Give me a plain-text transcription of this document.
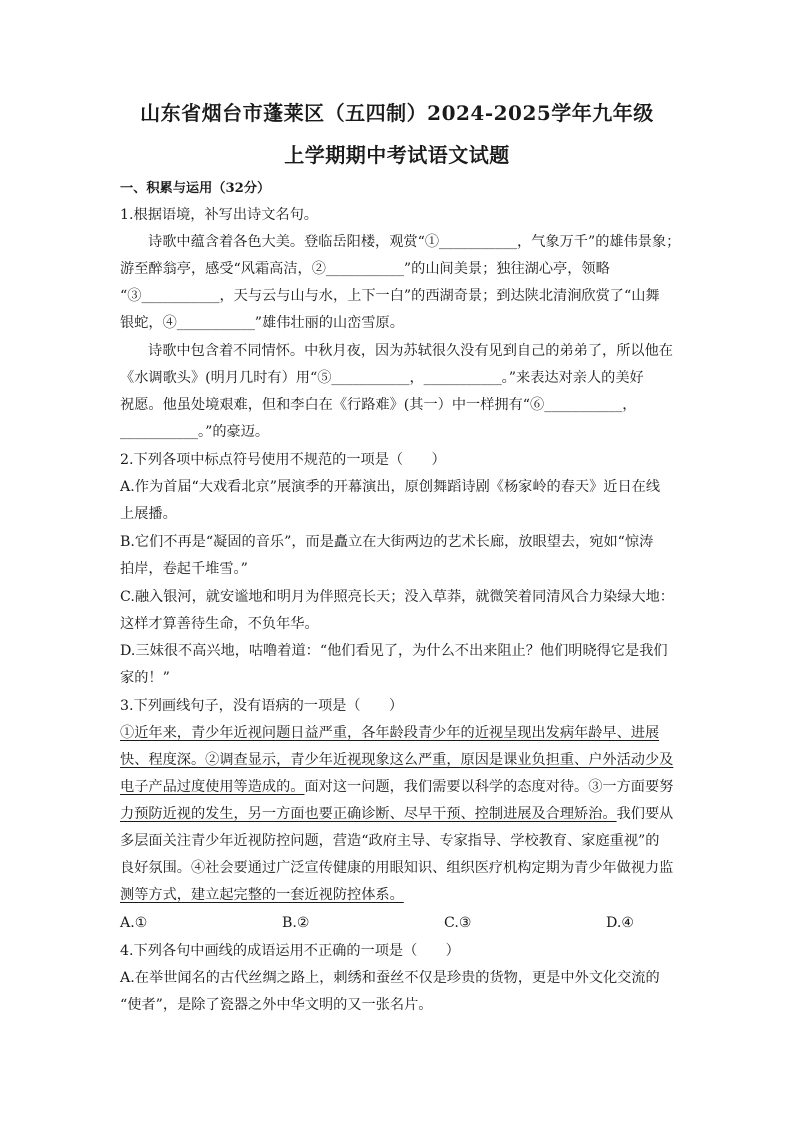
山东省烟台市蓬莱区（五四制）2024-2025学年九年级
上学期期中考试语文试题
一、积累与运用（32分）
1.根据语境，补写出诗文名句。
诗歌中蕴含着各色大美。登临岳阳楼，观赏“①___________，气象万千”的雄伟景象；
游至醉翁亭，感受“风霜高洁，②___________”的山间美景；独往湖心亭，领略
“③___________，天与云与山与水，上下一白”的西湖奇景；到达陕北清涧欣赏了“山舞
银蛇，④___________”雄伟壮丽的山峦雪原。
诗歌中包含着不同情怀。中秋月夜，因为苏轼很久没有见到自己的弟弟了，所以他在
《水调歌头》(明月几时有）用“⑤___________，___________。”来表达对亲人的美好
祝愿。他虽处境艰难，但和李白在《行路难》(其一）中一样拥有“⑥___________，
___________。”的豪迈。
2.下列各项中标点符号使用不规范的一项是（　　）
A.作为首届“大戏看北京”展演季的开幕演出，原创舞蹈诗剧《杨家岭的春天》近日在线
上展播。
B.它们不再是“凝固的音乐”，而是矗立在大街两边的艺术长廊，放眼望去，宛如“惊涛
拍岸，卷起千堆雪。”
C.融入银河，就安谧地和明月为伴照亮长天；没入草莽，就微笑着同清风合力染绿大地：
这样才算善待生命，不负年华。
D.三妹很不高兴地，咕噜着道：“他们看见了，为什么不出来阻止？他们明晓得它是我们
家的！”
3.下列画线句子，没有语病的一项是（　　）
①近年来，青少年近视问题日益严重，各年龄段青少年的近视呈现出发病年龄早、进展
快、程度深。②调查显示，青少年近视现象这么严重，原因是课业负担重、户外活动少及
电子产品过度使用等造成的。面对这一问题，我们需要以科学的态度对待。③一方面要努
力预防近视的发生，另一方面也要正确诊断、尽早干预、控制进展及合理矫治。我们要从
多层面关注青少年近视防控问题，营造“政府主导、专家指导、学校教育、家庭重视”的
良好氛围。④社会要通过广泛宣传健康的用眼知识、组织医疗机构定期为青少年做视力监
测等方式，建立起完整的一套近视防控体系。
A.①	B.②	C.③	D.④
4.下列各句中画线的成语运用不正确的一项是（　　）
A.在举世闻名的古代丝绸之路上，刺绣和蚕丝不仅是珍贵的货物，更是中外文化交流的
“使者”，是除了瓷器之外中华文明的又一张名片。
